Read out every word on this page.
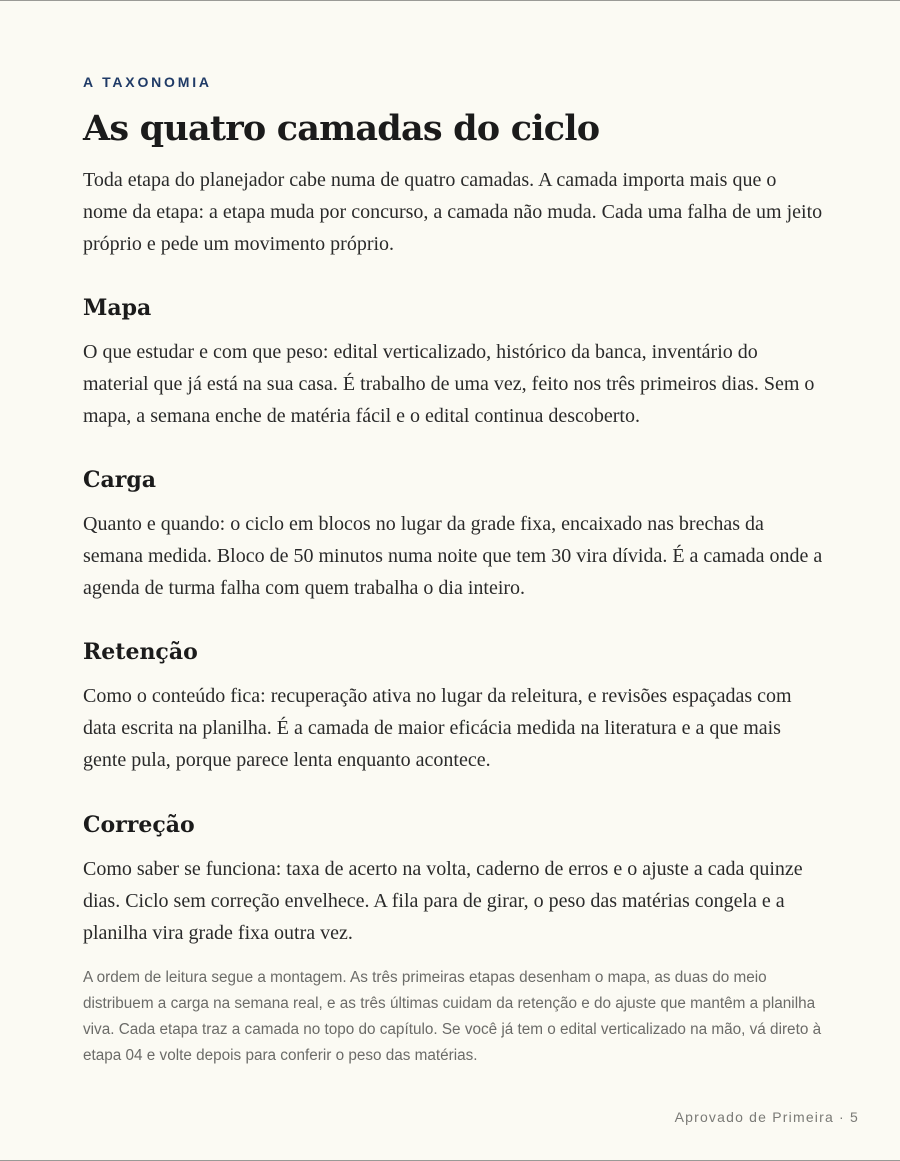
A TAXONOMIA

As quatro camadas do ciclo

Toda etapa do planejador cabe numa de quatro camadas. A camada importa mais que o nome da etapa: a etapa muda por concurso, a camada não muda. Cada uma falha de um jeito próprio e pede um movimento próprio.

Mapa

O que estudar e com que peso: edital verticalizado, histórico da banca, inventário do material que já está na sua casa. É trabalho de uma vez, feito nos três primeiros dias. Sem o mapa, a semana enche de matéria fácil e o edital continua descoberto.

Carga

Quanto e quando: o ciclo em blocos no lugar da grade fixa, encaixado nas brechas da semana medida. Bloco de 50 minutos numa noite que tem 30 vira dívida. É a camada onde a agenda de turma falha com quem trabalha o dia inteiro.

Retenção

Como o conteúdo fica: recuperação ativa no lugar da releitura, e revisões espaçadas com data escrita na planilha. É a camada de maior eficácia medida na literatura e a que mais gente pula, porque parece lenta enquanto acontece.

Correção

Como saber se funciona: taxa de acerto na volta, caderno de erros e o ajuste a cada quinze dias. Ciclo sem correção envelhece. A fila para de girar, o peso das matérias congela e a planilha vira grade fixa outra vez.

A ordem de leitura segue a montagem. As três primeiras etapas desenham o mapa, as duas do meio distribuem a carga na semana real, e as três últimas cuidam da retenção e do ajuste que mantêm a planilha viva. Cada etapa traz a camada no topo do capítulo. Se você já tem o edital verticalizado na mão, vá direto à etapa 04 e volte depois para conferir o peso das matérias.

Aprovado de Primeira · 5
